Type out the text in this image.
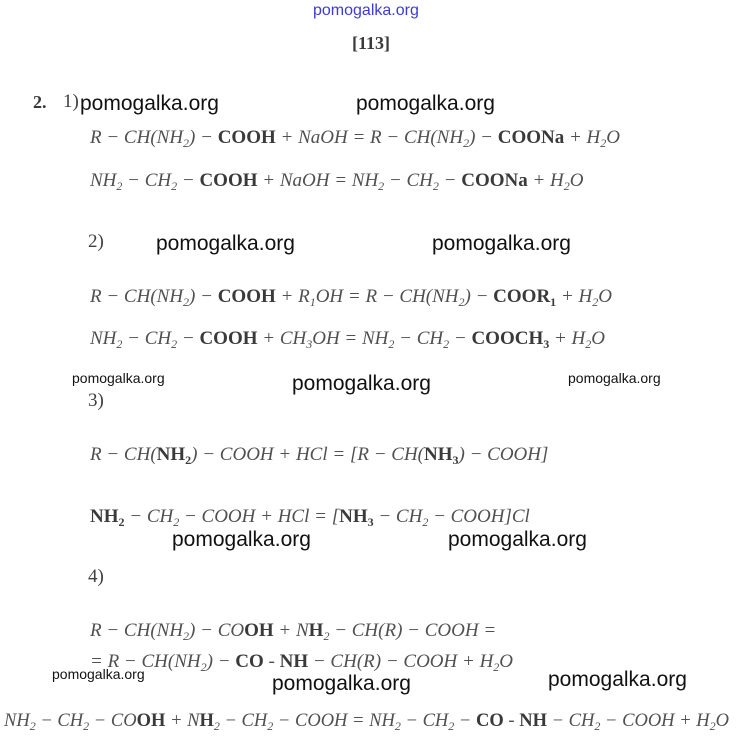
pomogalka.org
[113]
2. 1)
2)
3)
4)
$R - CH(NH_2)$ − COOH + NaOH = $R - CH(NH_2)$ − COONa + $H_2O$
$NH_2 - CH_2$ − COOH + NaOH = $NH_2 - CH_2$ − COONa + $H_2O$
$R - CH(NH_2)$ − COOH + $R_1OH = R - CH(NH_2)$ − $COOR_1 + H_2O$
$NH_2 - CH_2$ − COOH + $CH_3OH = NH_2 - CH_2$ − $COOCH_3 + H_2O$
$R - CH(NH_2)$ − COOH + HCl = [$R - CH(NH_3)$ − COOH]
$NH_2 - CH_2$ − COOH + HCl = [$NH_3 - CH_2$ − COOH]Cl
$R - CH(NH_2)$ − COOH + $NH_2 - CH(R)$ − COOH =
= $R - CH(NH_2)$ − CO - NH − CH(R) − COOH + $H_2O$
$NH_2 - CH_2$ − COOH + $NH_2 - CH_2$ − COOH = $NH_2 - CH_2$ − CO - NH − $CH_2$ − COOH + $H_2O$
pomogalka.org	pomogalka.org
pomogalka.org	pomogalka.org
pomogalka.org	pomogalka.org	pomogalka.org
pomogalka.org	pomogalka.org
pomogalka.org	pomogalka.org	pomogalka.org
